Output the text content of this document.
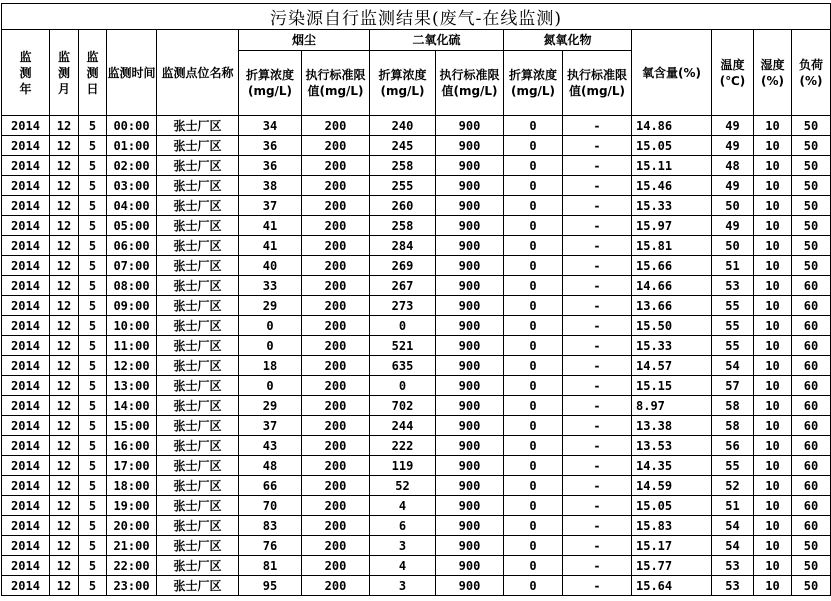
污染源自行监测结果(废气-在线监测)														

监
测
年	监
测
月	监
测
日	监测时间	监测点位名称	烟尘		二氧化硫		氮氧化物		氧含量(%)	温度(℃)	湿度(%)	负荷(%)
					折算浓度(mg/L)	执行标准限值(mg/L)	折算浓度(mg/L)	执行标准限值(mg/L)	折算浓度(mg/L)	执行标准限值(mg/L)				
2014	12	5	00:00	张士厂区	34	200	240	900	0	-	14.86	49	10	50
2014	12	5	01:00	张士厂区	36	200	245	900	0	-	15.05	49	10	50
2014	12	5	02:00	张士厂区	36	200	258	900	0	-	15.11	48	10	50
2014	12	5	03:00	张士厂区	38	200	255	900	0	-	15.46	49	10	50
2014	12	5	04:00	张士厂区	37	200	260	900	0	-	15.33	50	10	50
2014	12	5	05:00	张士厂区	41	200	258	900	0	-	15.97	49	10	50
2014	12	5	06:00	张士厂区	41	200	284	900	0	-	15.81	50	10	50
2014	12	5	07:00	张士厂区	40	200	269	900	0	-	15.66	51	10	50
2014	12	5	08:00	张士厂区	33	200	267	900	0	-	14.66	53	10	60
2014	12	5	09:00	张士厂区	29	200	273	900	0	-	13.66	55	10	60
2014	12	5	10:00	张士厂区	0	200	0	900	0	-	15.50	55	10	60
2014	12	5	11:00	张士厂区	0	200	521	900	0	-	15.33	55	10	60
2014	12	5	12:00	张士厂区	18	200	635	900	0	-	14.57	54	10	60
2014	12	5	13:00	张士厂区	0	200	0	900	0	-	15.15	57	10	60
2014	12	5	14:00	张士厂区	29	200	702	900	0	-	8.97	58	10	60
2014	12	5	15:00	张士厂区	37	200	244	900	0	-	13.38	58	10	60
2014	12	5	16:00	张士厂区	43	200	222	900	0	-	13.53	56	10	60
2014	12	5	17:00	张士厂区	48	200	119	900	0	-	14.35	55	10	60
2014	12	5	18:00	张士厂区	66	200	52	900	0	-	14.59	52	10	60
2014	12	5	19:00	张士厂区	70	200	4	900	0	-	15.05	51	10	60
2014	12	5	20:00	张士厂区	83	200	6	900	0	-	15.83	54	10	60
2014	12	5	21:00	张士厂区	76	200	3	900	0	-	15.17	54	10	50
2014	12	5	22:00	张士厂区	81	200	4	900	0	-	15.77	53	10	50
2014	12	5	23:00	张士厂区	95	200	3	900	0	-	15.64	53	10	50
